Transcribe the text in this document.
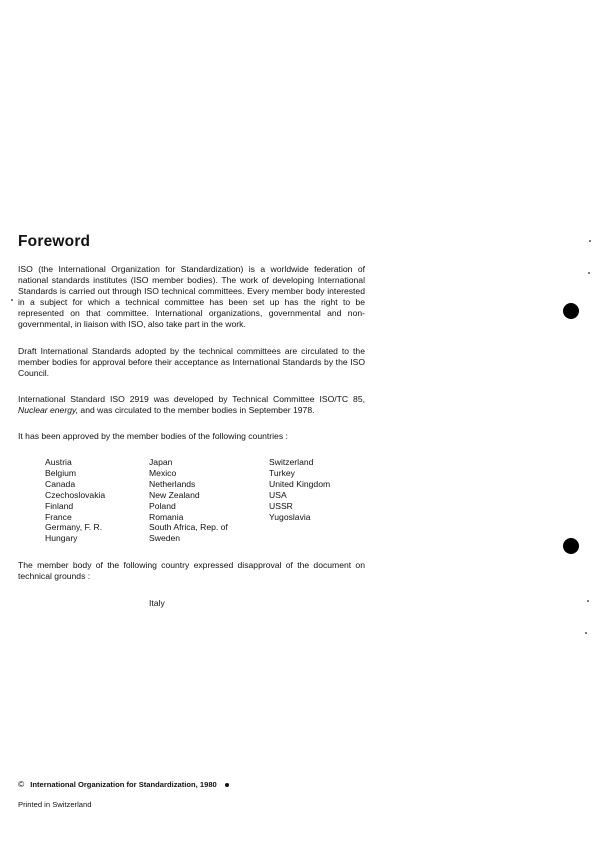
Foreword

ISO (the International Organization for Standardization) is a worldwide federation of national standards institutes (ISO member bodies). The work of developing International Standards is carried out through ISO technical committees. Every member body interested in a subject for which a technical committee has been set up has the right to be represented on that committee. International organizations, governmental and non-governmental, in liaison with ISO, also take part in the work.

Draft International Standards adopted by the technical committees are circulated to the member bodies for approval before their acceptance as International Standards by the ISO Council.

International Standard ISO 2919 was developed by Technical Committee ISO/TC 85, Nuclear energy, and was circulated to the member bodies in September 1978.

It has been approved by the member bodies of the following countries :

Austria
Belgium
Canada
Czechoslovakia
Finland
France
Germany, F. R.
Hungary
Japan
Mexico
Netherlands
New Zealand
Poland
Romania
South Africa, Rep. of
Sweden
Switzerland
Turkey
United Kingdom
USA
USSR
Yugoslavia

The member body of the following country expressed disapproval of the document on technical grounds :

Italy
© International Organization for Standardization, 1980
Printed in Switzerland
